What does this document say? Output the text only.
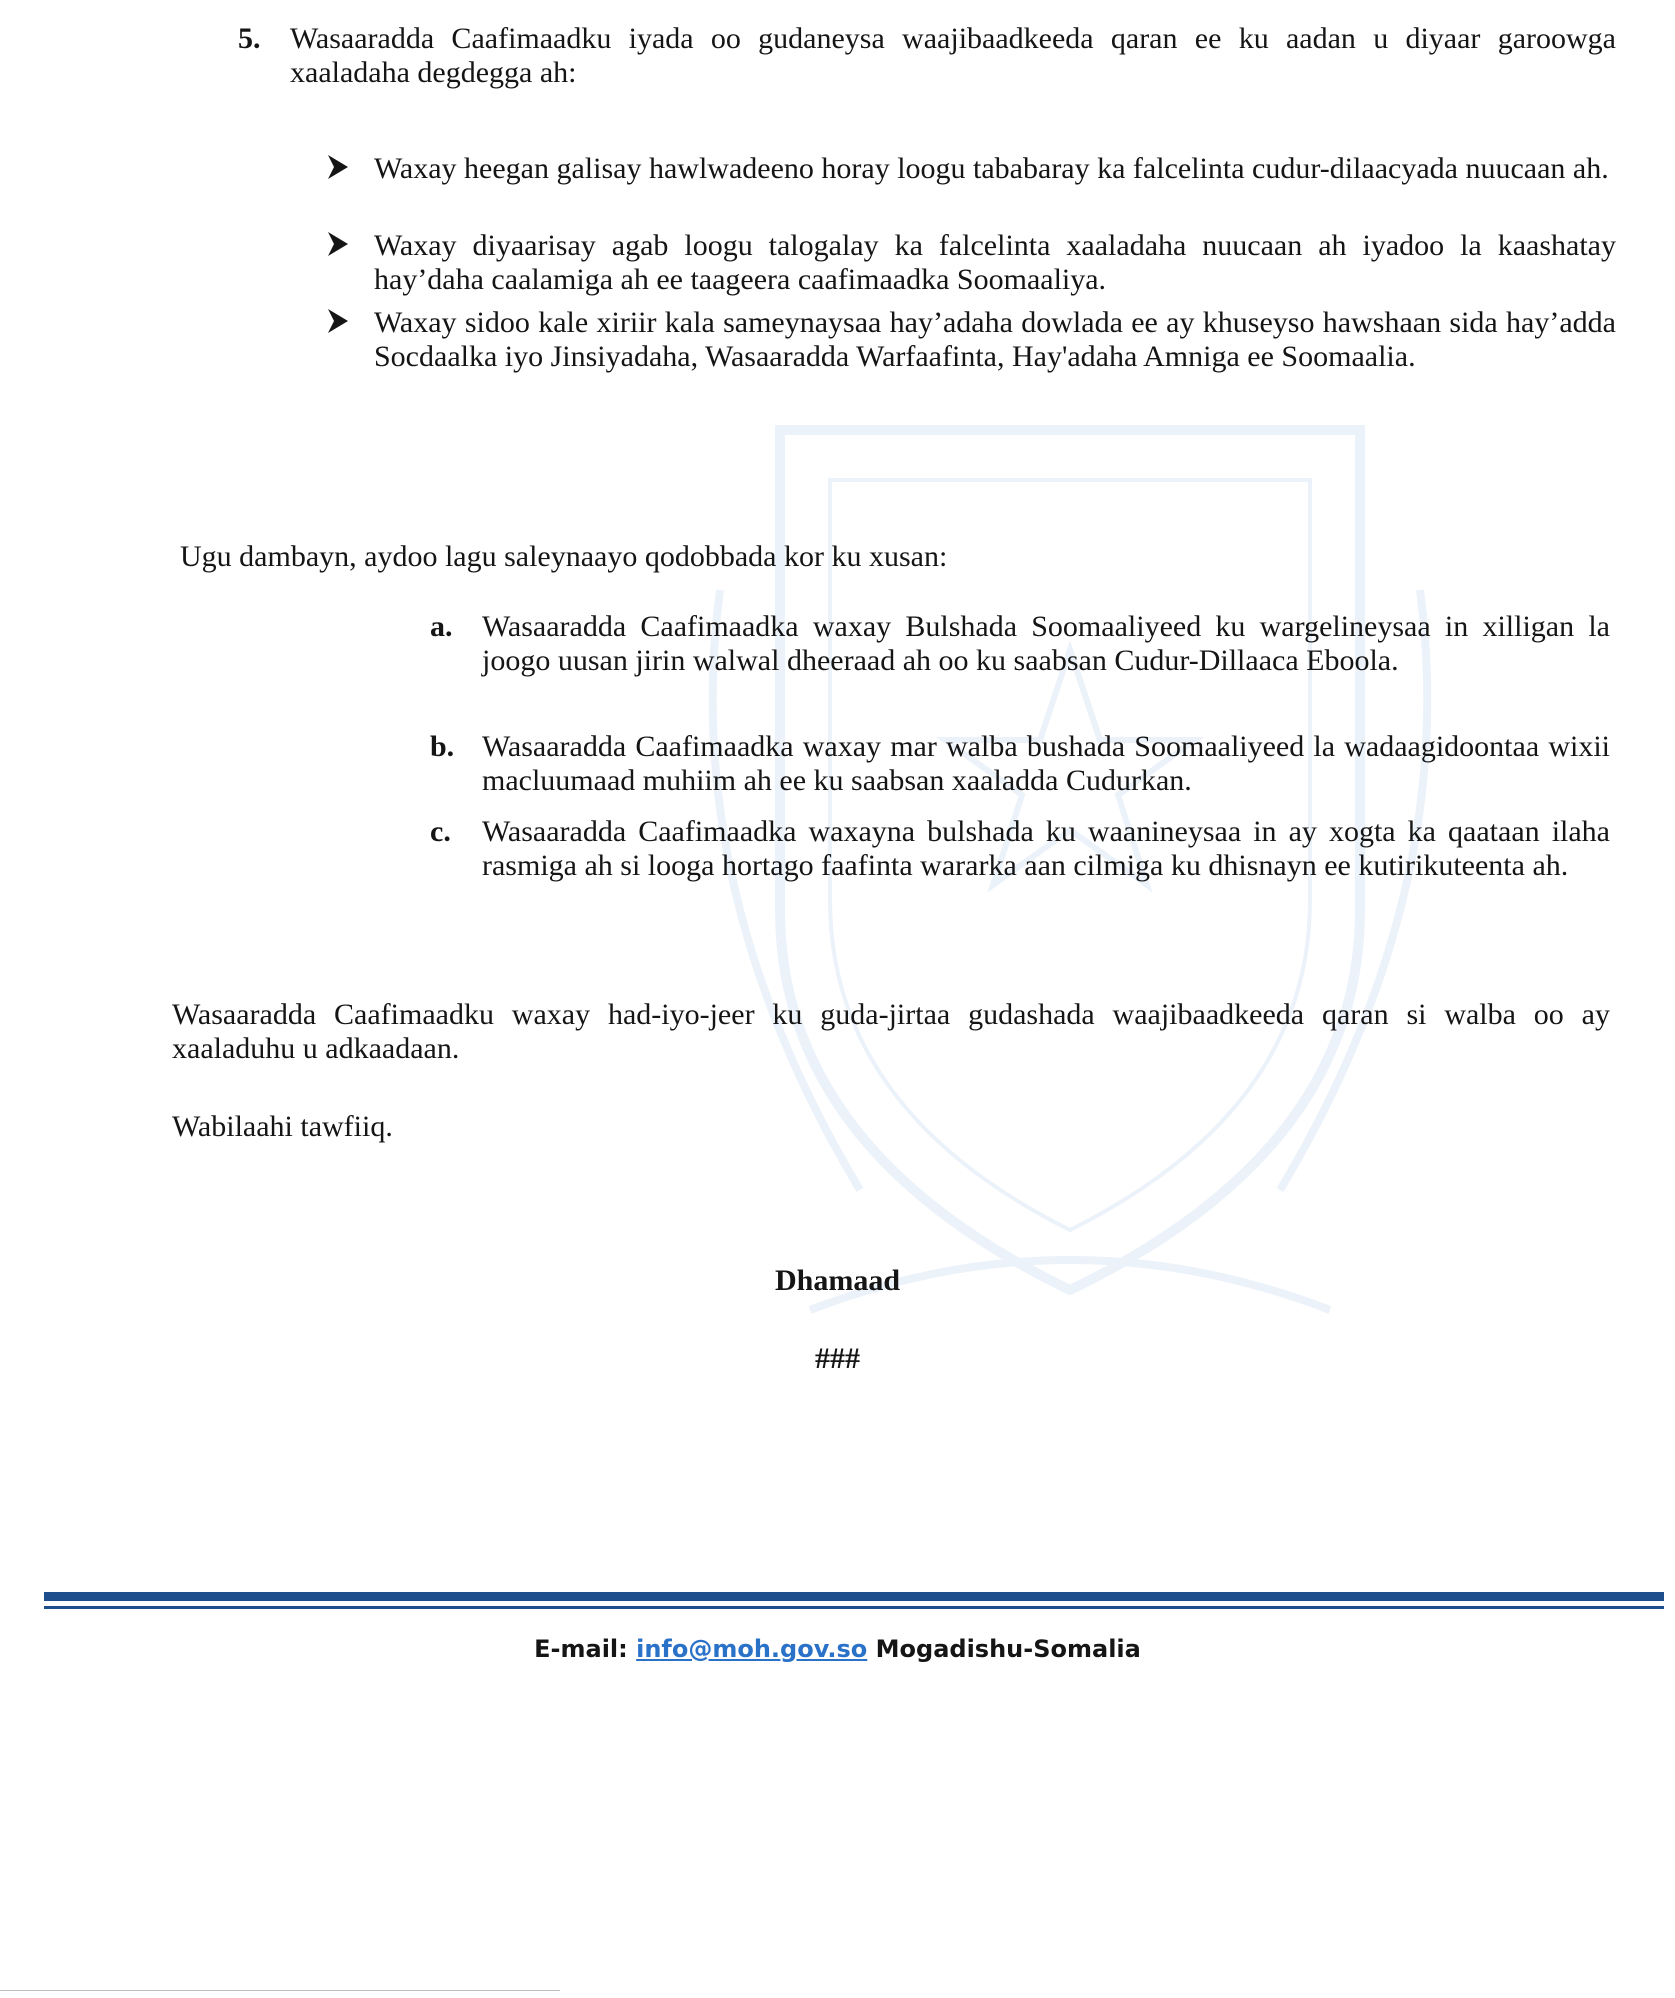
5. Wasaaradda Caafimaadku iyada oo gudaneysa waajibaadkeeda qaran ee ku aadan u diyaar garoowga xaaladaha degdegga ah:

Waxay heegan galisay hawlwadeeno horay loogu tababaray ka falcelinta cudur-dilaacyada nuucaan ah.

Waxay diyaarisay agab loogu talogalay ka falcelinta xaaladaha nuucaan ah iyadoo la kaashatay hay’daha caalamiga ah ee taageera caafimaadka Soomaaliya.

Waxay sidoo kale xiriir kala sameynaysaa hay’adaha dowlada ee ay khuseyso hawshaan sida hay’adda Socdaalka iyo Jinsiyadaha, Wasaaradda Warfaafinta, Hay'adaha Amniga ee Soomaalia.

Ugu dambayn, aydoo lagu saleynaayo qodobbada kor ku xusan:

a. Wasaaradda Caafimaadka waxay Bulshada Soomaaliyeed ku wargelineysaa in xilligan la joogo uusan jirin walwal dheeraad ah oo ku saabsan Cudur-Dillaaca Eboola.

b. Wasaaradda Caafimaadka waxay mar walba bushada Soomaaliyeed la wadaagidoontaa wixii macluumaad muhiim ah ee ku saabsan xaaladda Cudurkan.

c. Wasaaradda Caafimaadka waxayna bulshada ku waanineysaa in ay xogta ka qaataan ilaha rasmiga ah si looga hortago faafinta wararka aan cilmiga ku dhisnayn ee kutirikuteenta ah.

Wasaaradda Caafimaadku waxay had-iyo-jeer ku guda-jirtaa gudashada waajibaadkeeda qaran si walba oo ay xaaladuhu u adkaadaan.

Wabilaahi tawfiiq.

Dhamaad
###
E-mail: info@moh.gov.so Mogadishu-Somalia
